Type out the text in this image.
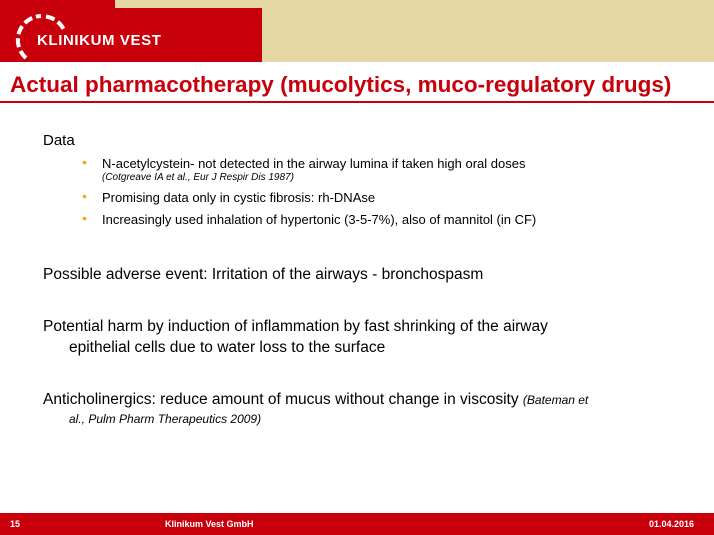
KLINIKUM VEST
Actual pharmacotherapy (mucolytics, muco-regulatory drugs)
Data
• N-acetylcystein- not detected in the airway lumina if taken high oral doses
(Cotgreave IA et al., Eur J Respir Dis 1987)
• Promising data only in cystic fibrosis: rh-DNAse
• Increasingly used inhalation of hypertonic (3-5-7%), also of mannitol (in CF)
Possible adverse event: Irritation of the airways - bronchospasm
Potential harm by induction of inflammation by fast shrinking of the airway
epithelial cells due to water loss to the surface
Anticholinergics: reduce amount of mucus without change in viscosity (Bateman et
al., Pulm Pharm Therapeutics 2009)
15	Klinikum Vest GmbH	01.04.2016
